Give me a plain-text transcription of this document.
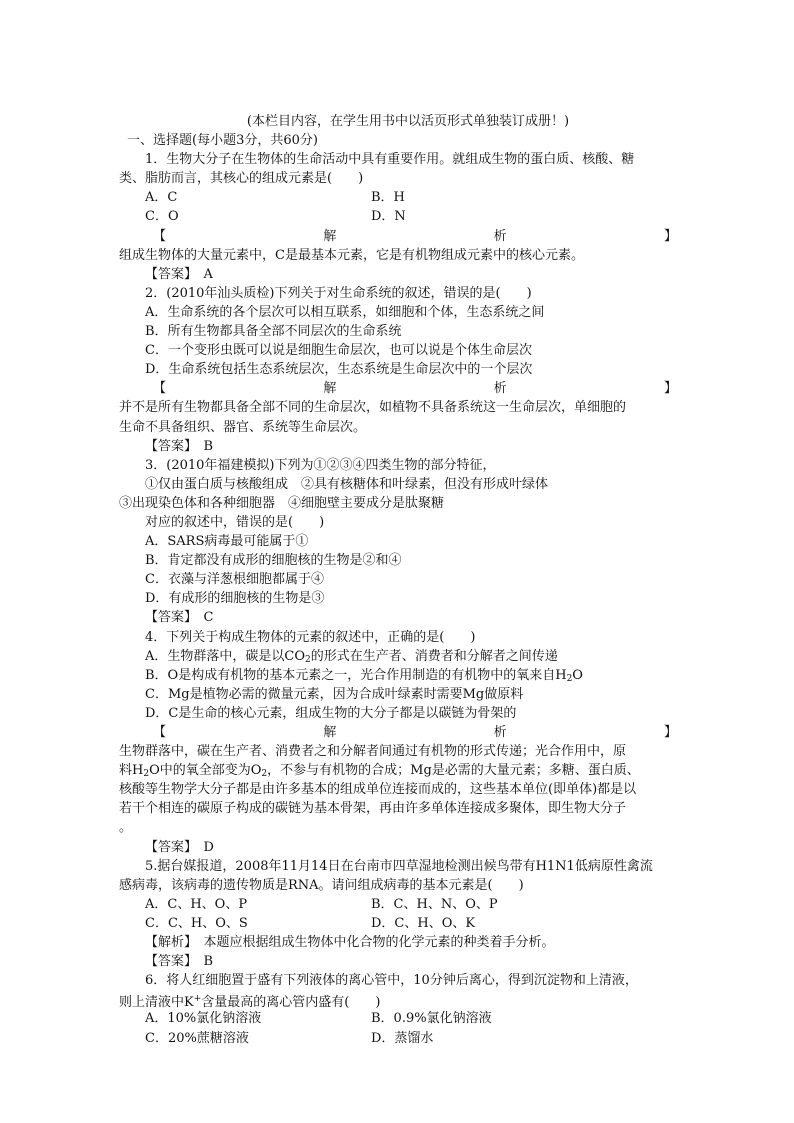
(本栏目内容，在学生用书中以活页形式单独装订成册！)
一、选择题(每小题3分，共60分)
1．生物大分子在生物体的生命活动中具有重要作用。就组成生物的蛋白质、核酸、糖
类、脂肪而言，其核心的组成元素是(　　)
A．C	B．H
C．O	D．N
【	解	析	】
组成生物体的大量元素中，C是最基本元素，它是有机物组成元素中的核心元素。
【答案】　 A
2．(2010年汕头质检)下列关于对生命系统的叙述，错误的是(　　)
A．生命系统的各个层次可以相互联系，如细胞和个体，生态系统之间
B．所有生物都具备全部不同层次的生命系统
C．一个变形虫既可以说是细胞生命层次，也可以说是个体生命层次
D．生命系统包括生态系统层次，生态系统是生命层次中的一个层次
【	解	析	】
并不是所有生物都具备全部不同的生命层次，如植物不具备系统这一生命层次，单细胞的
生命不具备组织、器官、系统等生命层次。
【答案】　 B
3．(2010年福建模拟)下列为①②③④四类生物的部分特征，
①仅由蛋白质与核酸组成　②具有核糖体和叶绿素，但没有形成叶绿体
③出现染色体和各种细胞器　④细胞壁主要成分是肽聚糖
对应的叙述中，错误的是(　　)
A．SARS病毒最可能属于①
B．肯定都没有成形的细胞核的生物是②和④
C．衣藻与洋葱根细胞都属于④
D．有成形的细胞核的生物是③
【答案】　 C
4．下列关于构成生物体的元素的叙述中，正确的是(　　)
A．生物群落中，碳是以$CO_2$的形式在生产者、消费者和分解者之间传递
B．O是构成有机物的基本元素之一，光合作用制造的有机物中的氧来自$H_2O$
C．Mg是植物必需的微量元素，因为合成叶绿素时需要Mg做原料
D．C是生命的核心元素，组成生物的大分子都是以碳链为骨架的
【	解	析	】
生物群落中，碳在生产者、消费者之和分解者间通过有机物的形式传递；光合作用中，原
料$H_2O$中的氧全部变为$O_2$，不参与有机物的合成；Mg是必需的大量元素；多糖、蛋白质、
核酸等生物学大分子都是由许多基本的组成单位连接而成的，这些基本单位(即单体)都是以
若干个相连的碳原子构成的碳链为基本骨架，再由许多单体连接成多聚体，即生物大分子
。
【答案】　 D
5.据台媒报道，2008年11月14日在台南市四草湿地检测出候鸟带有H1N1低病原性禽流
感病毒，该病毒的遗传物质是RNA。请问组成病毒的基本元素是(　　)
A．C、H、O、P	B．C、H、N、O、P
C．C、H、O、S	D．C、H、O、K
【解析】　 本题应根据组成生物体中化合物的化学元素的种类着手分析。
【答案】　 B
6．将人红细胞置于盛有下列液体的离心管中，10分钟后离心，得到沉淀物和上清液，
则上清液中K+含量最高的离心管内盛有(　　)
A．10%氯化钠溶液	B．0.9%氯化钠溶液
C．20%蔗糖溶液	D．蒸馏水
